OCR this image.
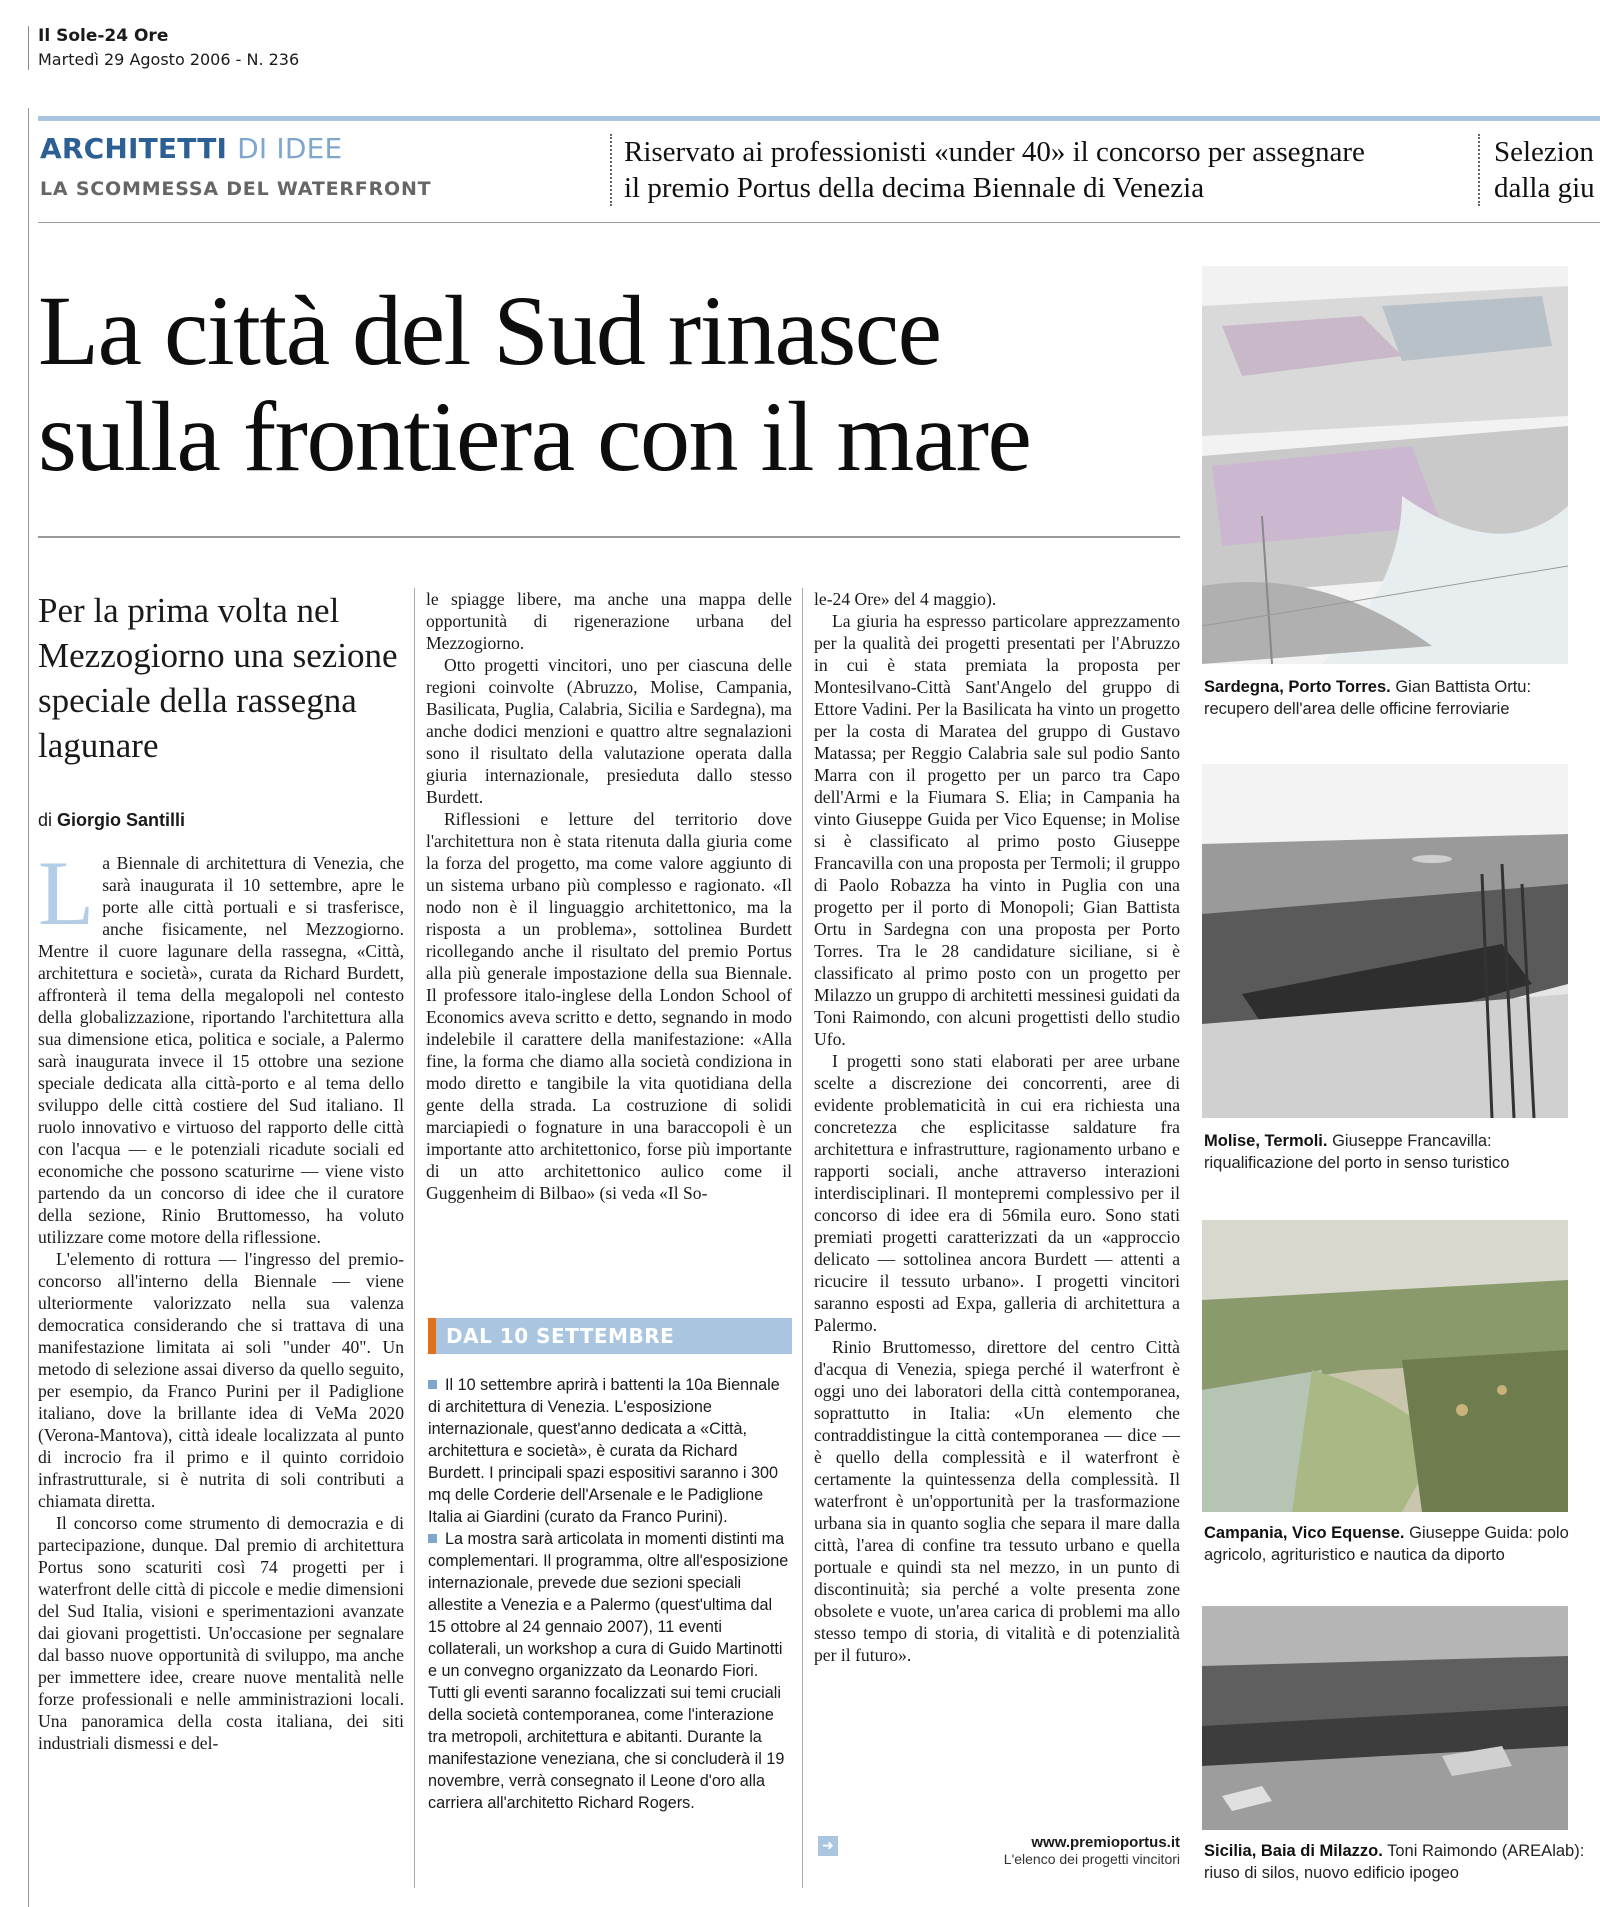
Il Sole-24 Ore
Martedì 29 Agosto 2006 - N. 236
ARCHITETTI DI IDEE
LA SCOMMESSA DEL WATERFRONT
Riservato ai professionisti «under 40» il concorso per assegnare
il premio Portus della decima Biennale di Venezia
Selezion
dalla giu
La città del Sud rinasce
sulla frontiera con il mare
Per la prima volta nel Mezzogiorno una sezione speciale della rassegna lagunare
di Giorgio Santilli
L a Biennale di architettura di Venezia, che sarà inaugurata il 10 settembre, apre le porte alle città portuali e si trasferisce, anche fisicamente, nel Mezzogiorno. Mentre il cuore lagunare della rassegna, «Città, architettura e società», curata da Richard Burdett, affronterà il tema della megalopoli nel contesto della globalizzazione, riportando l'architettura alla sua dimensione etica, politica e sociale, a Palermo sarà inaugurata invece il 15 ottobre una sezione speciale dedicata alla città-porto e al tema dello sviluppo delle città costiere del Sud italiano. Il ruolo innovativo e virtuoso del rapporto delle città con l'acqua — e le potenziali ricadute sociali ed economiche che possono scaturirne — viene visto partendo da un concorso di idee che il curatore della sezione, Rinio Bruttomesso, ha voluto utilizzare come motore della riflessione.

L'elemento di rottura — l'ingresso del premio-concorso all'interno della Biennale — viene ulteriormente valorizzato nella sua valenza democratica considerando che si trattava di una manifestazione limitata ai soli "under 40". Un metodo di selezione assai diverso da quello seguito, per esempio, da Franco Purini per il Padiglione italiano, dove la brillante idea di VeMa 2020 (Verona-Mantova), città ideale localizzata al punto di incrocio fra il primo e il quinto corridoio infrastrutturale, si è nutrita di soli contributi a chiamata diretta.

Il concorso come strumento di democrazia e di partecipazione, dunque. Dal premio di architettura Portus sono scaturiti così 74 progetti per i waterfront delle città di piccole e medie dimensioni del Sud Italia, visioni e sperimentazioni avanzate dai giovani progettisti. Un'occasione per segnalare dal basso nuove opportunità di sviluppo, ma anche per immettere idee, creare nuove mentalità nelle forze professionali e nelle amministrazioni locali. Una panoramica della costa italiana, dei siti industriali dismessi e del-

le spiagge libere, ma anche una mappa delle opportunità di rigenerazione urbana del Mezzogiorno.

Otto progetti vincitori, uno per ciascuna delle regioni coinvolte (Abruzzo, Molise, Campania, Basilicata, Puglia, Calabria, Sicilia e Sardegna), ma anche dodici menzioni e quattro altre segnalazioni sono il risultato della valutazione operata dalla giuria internazionale, presieduta dallo stesso Burdett.

Riflessioni e letture del territorio dove l'architettura non è stata ritenuta dalla giuria come la forza del progetto, ma come valore aggiunto di un sistema urbano più complesso e ragionato. «Il nodo non è il linguaggio architettonico, ma la risposta a un problema», sottolinea Burdett ricollegando anche il risultato del premio Portus alla più generale impostazione della sua Biennale. Il professore italo-inglese della London School of Economics aveva scritto e detto, segnando in modo indelebile il carattere della manifestazione: «Alla fine, la forma che diamo alla società condiziona in modo diretto e tangibile la vita quotidiana della gente della strada. La costruzione di solidi marciapiedi o fognature in una baraccopoli è un importante atto architettonico, forse più importante di un atto architettonico aulico come il Guggenheim di Bilbao» (si veda «Il So-

DAL 10 SETTEMBRE

Il 10 settembre aprirà i battenti la 10a Biennale di architettura di Venezia. L'esposizione internazionale, quest'anno dedicata a «Città, architettura e società», è curata da Richard Burdett. I principali spazi espositivi saranno i 300 mq delle Corderie dell'Arsenale e le Padiglione Italia ai Giardini (curato da Franco Purini).

La mostra sarà articolata in momenti distinti ma complementari. Il programma, oltre all'esposizione internazionale, prevede due sezioni speciali allestite a Venezia e a Palermo (quest'ultima dal 15 ottobre al 24 gennaio 2007), 11 eventi collaterali, un workshop a cura di Guido Martinotti e un convegno organizzato da Leonardo Fiori. Tutti gli eventi saranno focalizzati sui temi cruciali della società contemporanea, come l'interazione tra metropoli, architettura e abitanti. Durante la manifestazione veneziana, che si concluderà il 19 novembre, verrà consegnato il Leone d'oro alla carriera all'architetto Richard Rogers.

le-24 Ore» del 4 maggio).

La giuria ha espresso particolare apprezzamento per la qualità dei progetti presentati per l'Abruzzo in cui è stata premiata la proposta per Montesilvano-Città Sant'Angelo del gruppo di Ettore Vadini. Per la Basilicata ha vinto un progetto per la costa di Maratea del gruppo di Gustavo Matassa; per Reggio Calabria sale sul podio Santo Marra con il progetto per un parco tra Capo dell'Armi e la Fiumara S. Elia; in Campania ha vinto Giuseppe Guida per Vico Equense; in Molise si è classificato al primo posto Giuseppe Francavilla con una proposta per Termoli; il gruppo di Paolo Robazza ha vinto in Puglia con una progetto per il porto di Monopoli; Gian Battista Ortu in Sardegna con una proposta per Porto Torres. Tra le 28 candidature siciliane, si è classificato al primo posto con un progetto per Milazzo un gruppo di architetti messinesi guidati da Toni Raimondo, con alcuni progettisti dello studio Ufo.

I progetti sono stati elaborati per aree urbane scelte a discrezione dei concorrenti, aree di evidente problematicità in cui era richiesta una concretezza che esplicitasse saldature fra architettura e infrastrutture, ragionamento urbano e rapporti sociali, anche attraverso interazioni interdisciplinari. Il montepremi complessivo per il concorso di idee era di 56mila euro. Sono stati premiati progetti caratterizzati da un «approccio delicato — sottolinea ancora Burdett — attenti a ricucire il tessuto urbano». I progetti vincitori saranno esposti ad Expa, galleria di architettura a Palermo.

Rinio Bruttomesso, direttore del centro Città d'acqua di Venezia, spiega perché il waterfront è oggi uno dei laboratori della città contemporanea, soprattutto in Italia: «Un elemento che contraddistingue la città contemporanea — dice — è quello della complessità e il waterfront è certamente la quintessenza della complessità. Il waterfront è un'opportunità per la trasformazione urbana sia in quanto soglia che separa il mare dalla città, l'area di confine tra tessuto urbano e quella portuale e quindi sta nel mezzo, in un punto di discontinuità; sia perché a volte presenta zone obsolete e vuote, un'area carica di problemi ma allo stesso tempo di storia, di vitalità e di potenzialità per il futuro».

➜	www.premioportus.it
L'elenco dei progetti vincitori
Sardegna, Porto Torres. Gian Battista Ortu: recupero dell'area delle officine ferroviarie
Molise, Termoli. Giuseppe Francavilla: riqualificazione del porto in senso turistico
Campania, Vico Equense. Giuseppe Guida: polo agricolo, agrituristico e nautica da diporto
Sicilia, Baia di Milazzo. Toni Raimondo (AREAlab): riuso di silos, nuovo edificio ipogeo
